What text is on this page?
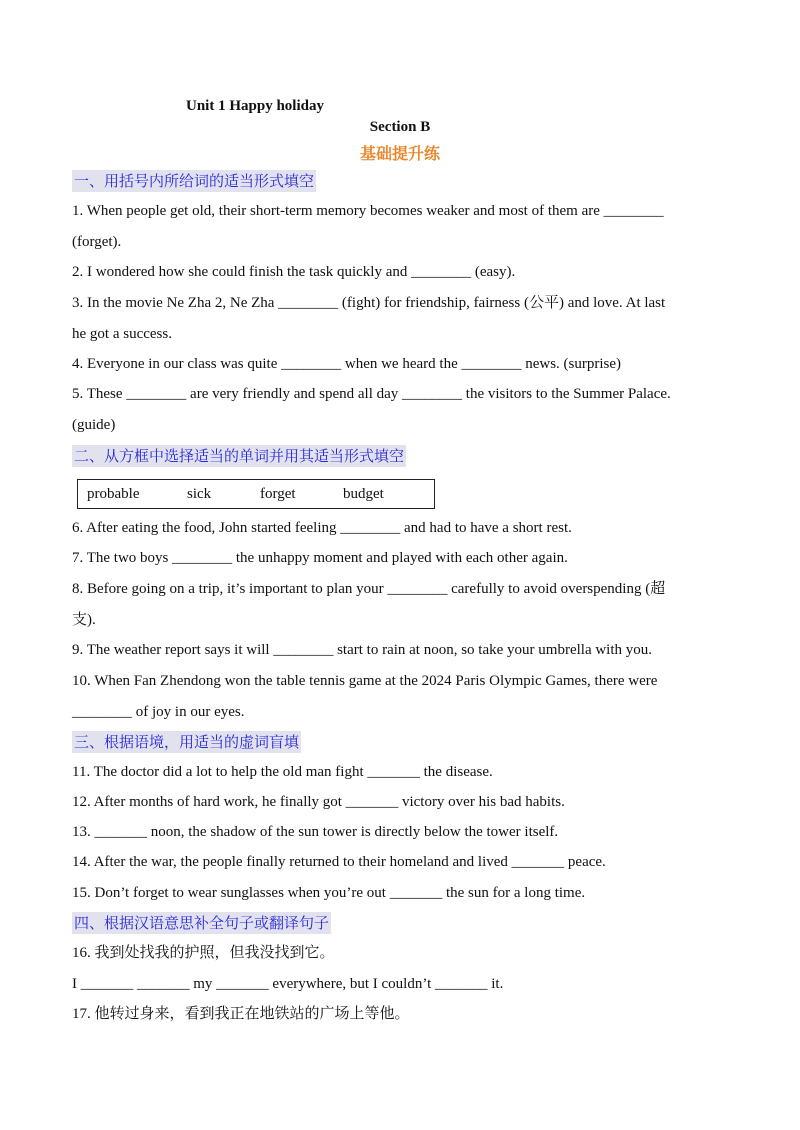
Unit 1 Happy holiday
Section B
基础提升练
一、用括号内所给词的适当形式填空
1. When people get old, their short-term memory becomes weaker and most of them are ________
(forget).
2. I wondered how she could finish the task quickly and ________ (easy).
3. In the movie Ne Zha 2, Ne Zha ________ (fight) for friendship, fairness (公平) and love. At last
he got a success.
4. Everyone in our class was quite ________ when we heard the ________ news. (surprise)
5. These ________ are very friendly and spend all day ________ the visitors to the Summer Palace.
(guide)
二、从方框中选择适当的单词并用其适当形式填空
probable	sick	forget	budget
6. After eating the food, John started feeling ________ and had to have a short rest.
7. The two boys ________ the unhappy moment and played with each other again.
8. Before going on a trip, it’s important to plan your ________ carefully to avoid overspending (超
支).
9. The weather report says it will ________ start to rain at noon, so take your umbrella with you.
10. When Fan Zhendong won the table tennis game at the 2024 Paris Olympic Games, there were
________ of joy in our eyes.
三、根据语境，用适当的虚词盲填
11. The doctor did a lot to help the old man fight _______ the disease.
12. After months of hard work, he finally got _______ victory over his bad habits.
13. _______ noon, the shadow of the sun tower is directly below the tower itself.
14. After the war, the people finally returned to their homeland and lived _______ peace.
15. Don’t forget to wear sunglasses when you’re out _______ the sun for a long time.
四、根据汉语意思补全句子或翻译句子
16. 我到处找我的护照，但我没找到它。
I _______ _______ my _______ everywhere, but I couldn’t _______ it.
17. 他转过身来，看到我正在地铁站的广场上等他。
